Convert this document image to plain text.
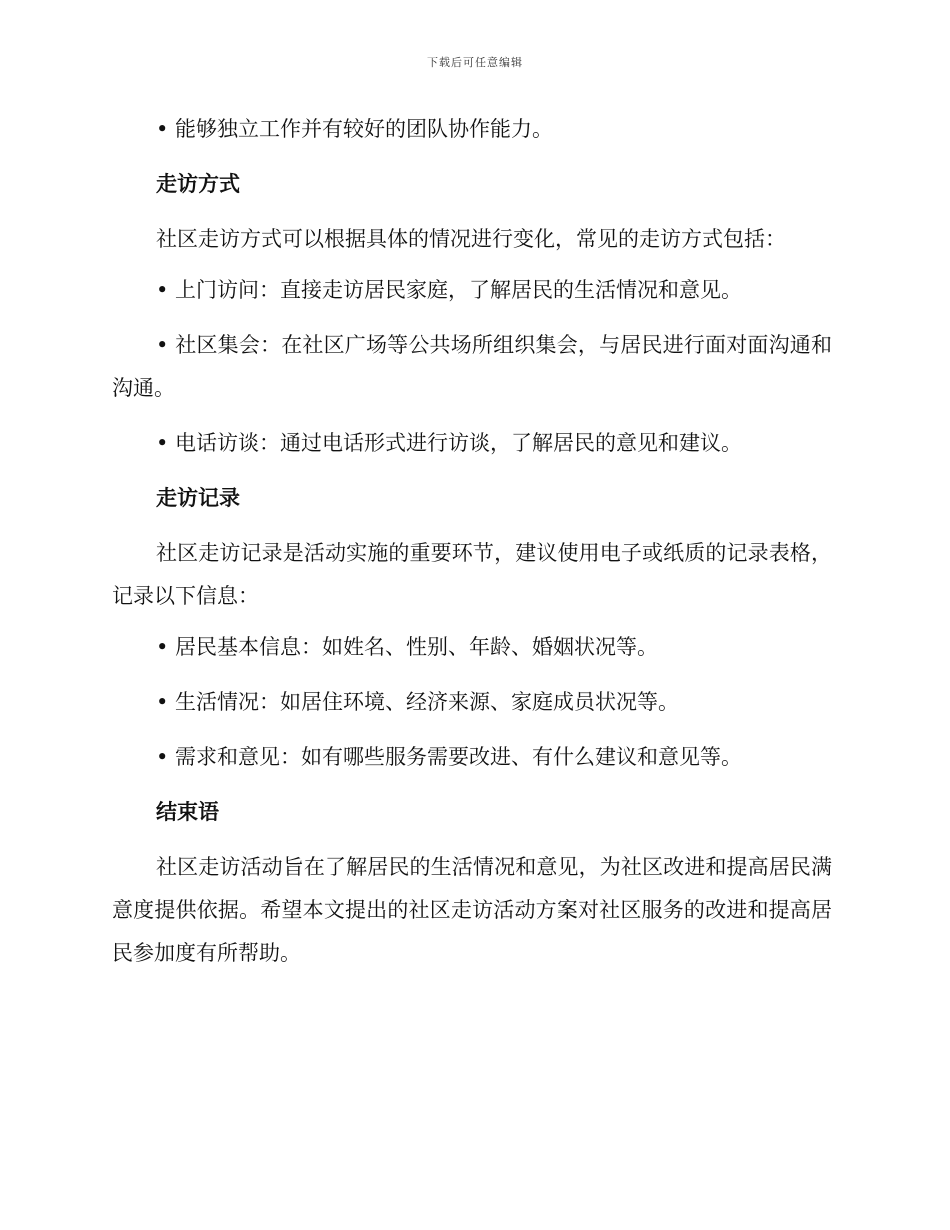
下载后可任意编辑

• 能够独立工作并有较好的团队协作能力。

走访方式

社区走访方式可以根据具体的情况进行变化，常见的走访方式包括：

• 上门访问：直接走访居民家庭，了解居民的生活情况和意见。

• 社区集会：在社区广场等公共场所组织集会，与居民进行面对面沟通和沟通。

• 电话访谈：通过电话形式进行访谈，了解居民的意见和建议。

走访记录

社区走访记录是活动实施的重要环节，建议使用电子或纸质的记录表格，记录以下信息：

• 居民基本信息：如姓名、性别、年龄、婚姻状况等。

• 生活情况：如居住环境、经济来源、家庭成员状况等。

• 需求和意见：如有哪些服务需要改进、有什么建议和意见等。

结束语

社区走访活动旨在了解居民的生活情况和意见，为社区改进和提高居民满意度提供依据。希望本文提出的社区走访活动方案对社区服务的改进和提高居民参加度有所帮助。
